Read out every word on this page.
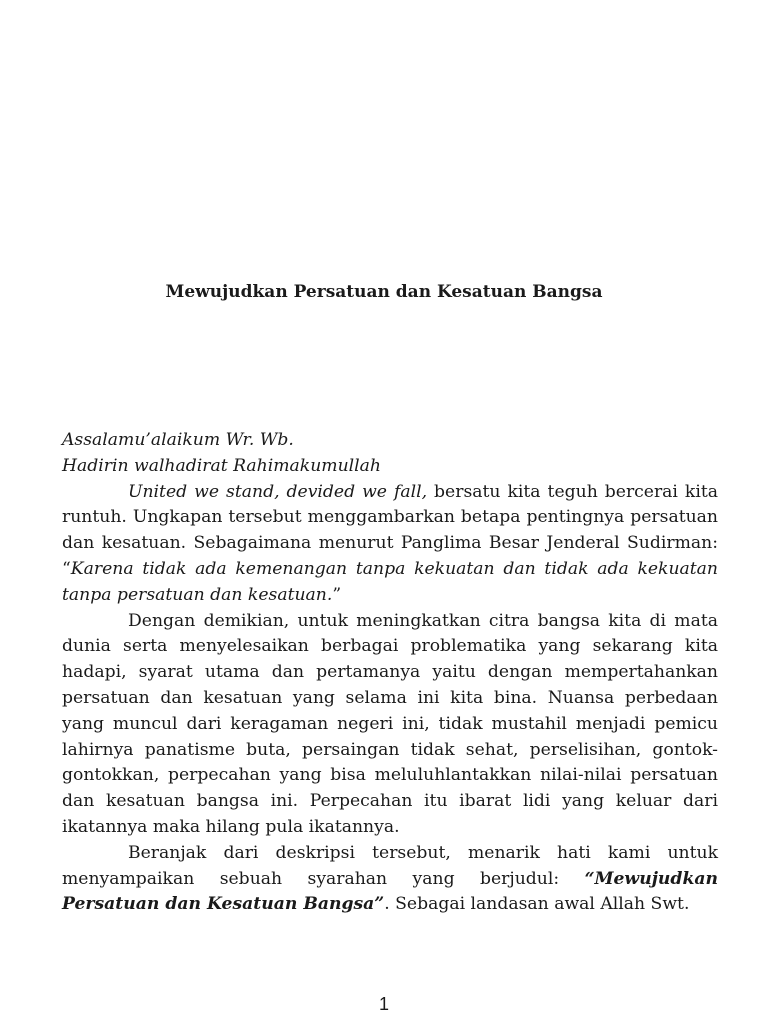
Mewujudkan Persatuan dan Kesatuan Bangsa
Assalamu’alaikum Wr. Wb.
Hadirin walhadirat Rahimakumullah

United we stand, devided we fall, bersatu kita teguh bercerai kita runtuh. Ungkapan tersebut menggambarkan betapa pentingnya persatuan dan kesatuan. Sebagaimana menurut Panglima Besar Jenderal Sudirman: “Karena tidak ada kemenangan tanpa kekuatan dan tidak ada kekuatan tanpa persatuan dan kesatuan.”

Dengan demikian, untuk meningkatkan citra bangsa kita di mata dunia serta menyelesaikan berbagai problematika yang sekarang kita hadapi, syarat utama dan pertamanya yaitu dengan mempertahankan persatuan dan kesatuan yang selama ini kita bina. Nuansa perbedaan yang muncul dari keragaman negeri ini, tidak mustahil menjadi pemicu lahirnya panatisme buta, persaingan tidak sehat, perselisihan, gontok-gontokkan, perpecahan yang bisa meluluhlantakkan nilai-nilai persatuan dan kesatuan bangsa ini. Perpecahan itu ibarat lidi yang keluar dari ikatannya maka hilang pula ikatannya.

Beranjak dari deskripsi tersebut, menarik hati kami untuk menyampaikan sebuah syarahan yang berjudul: “Mewujudkan Persatuan dan Kesatuan Bangsa”. Sebagai landasan awal Allah Swt.

1
